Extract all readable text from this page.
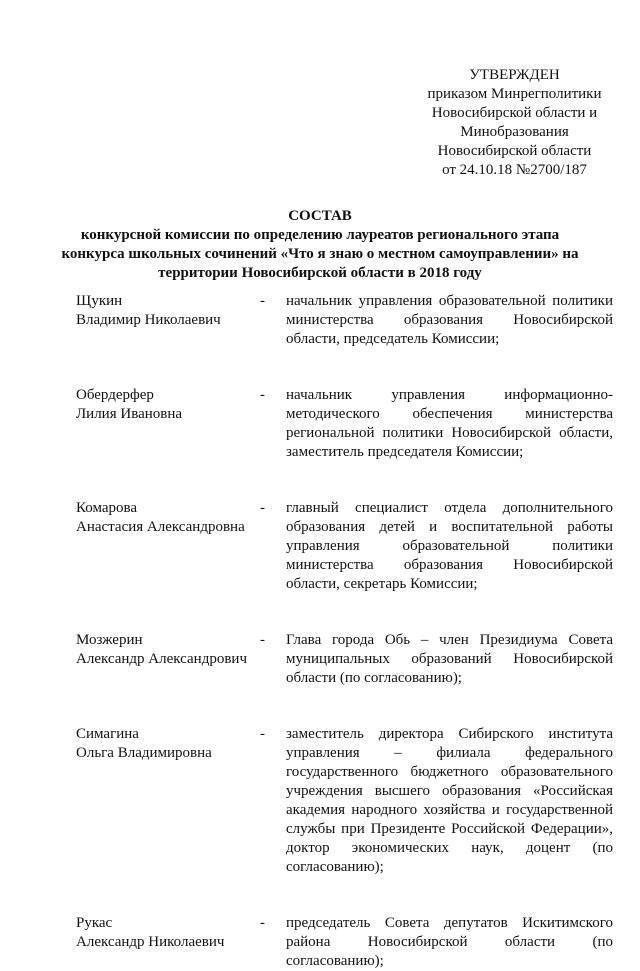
УТВЕРЖДЕН
приказом Минрегполитики
Новосибирской области и
Минобразования
Новосибирской области
от 24.10.18 №2700/187
СОСТАВ
конкурсной комиссии по определению лауреатов регионального этапа
конкурса школьных сочинений «Что я знаю о местном самоуправлении» на
территории Новосибирской области в 2018 году
Щукин
Владимир Николаевич
-	начальник управления образовательной политики
министерства образования Новосибирской
области, председатель Комиссии;
Обердерфер
Лилия Ивановна
-	начальник управления информационно-
методического обеспечения министерства
региональной политики Новосибирской области,
заместитель председателя Комиссии;
Комарова
Анастасия Александровна
-	главный специалист отдела дополнительного
образования детей и воспитательной работы
управления образовательной политики
министерства образования Новосибирской
области, секретарь Комиссии;
Мозжерин
Александр Александрович
-	Глава города Обь – член Президиума Совета
муниципальных образований Новосибирской
области (по согласованию);
Симагина
Ольга Владимировна
-	заместитель директора Сибирского института
управления – филиала федерального
государственного бюджетного образовательного
учреждения высшего образования «Российская
академия народного хозяйства и государственной
службы при Президенте Российской Федерации»,
доктор экономических наук, доцент (по
согласованию);
Рукас
Александр Николаевич
-	председатель Совета депутатов Искитимского
района Новосибирской области (по
согласованию);
